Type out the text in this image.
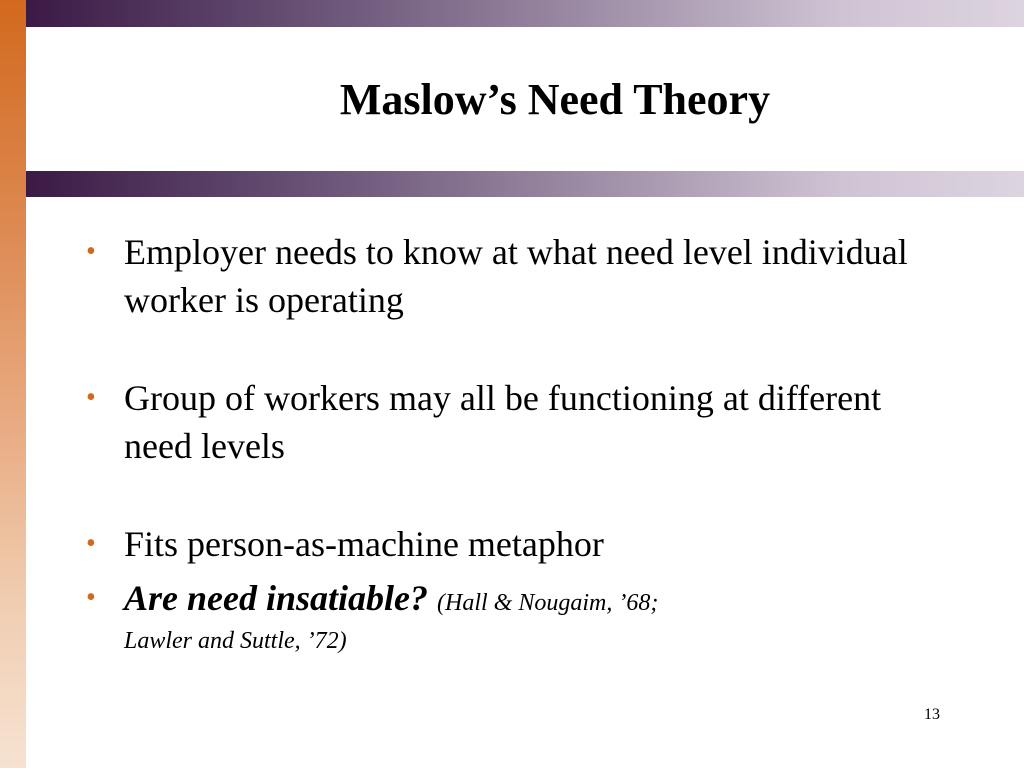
Maslow’s Need Theory
• Employer needs to know at what need level individual worker is operating
• Group of workers may all be functioning at different need levels
• Fits person-as-machine metaphor
• Are need insatiable? (Hall & Nougaim, ’68;
Lawler and Suttle, ’72)
13
